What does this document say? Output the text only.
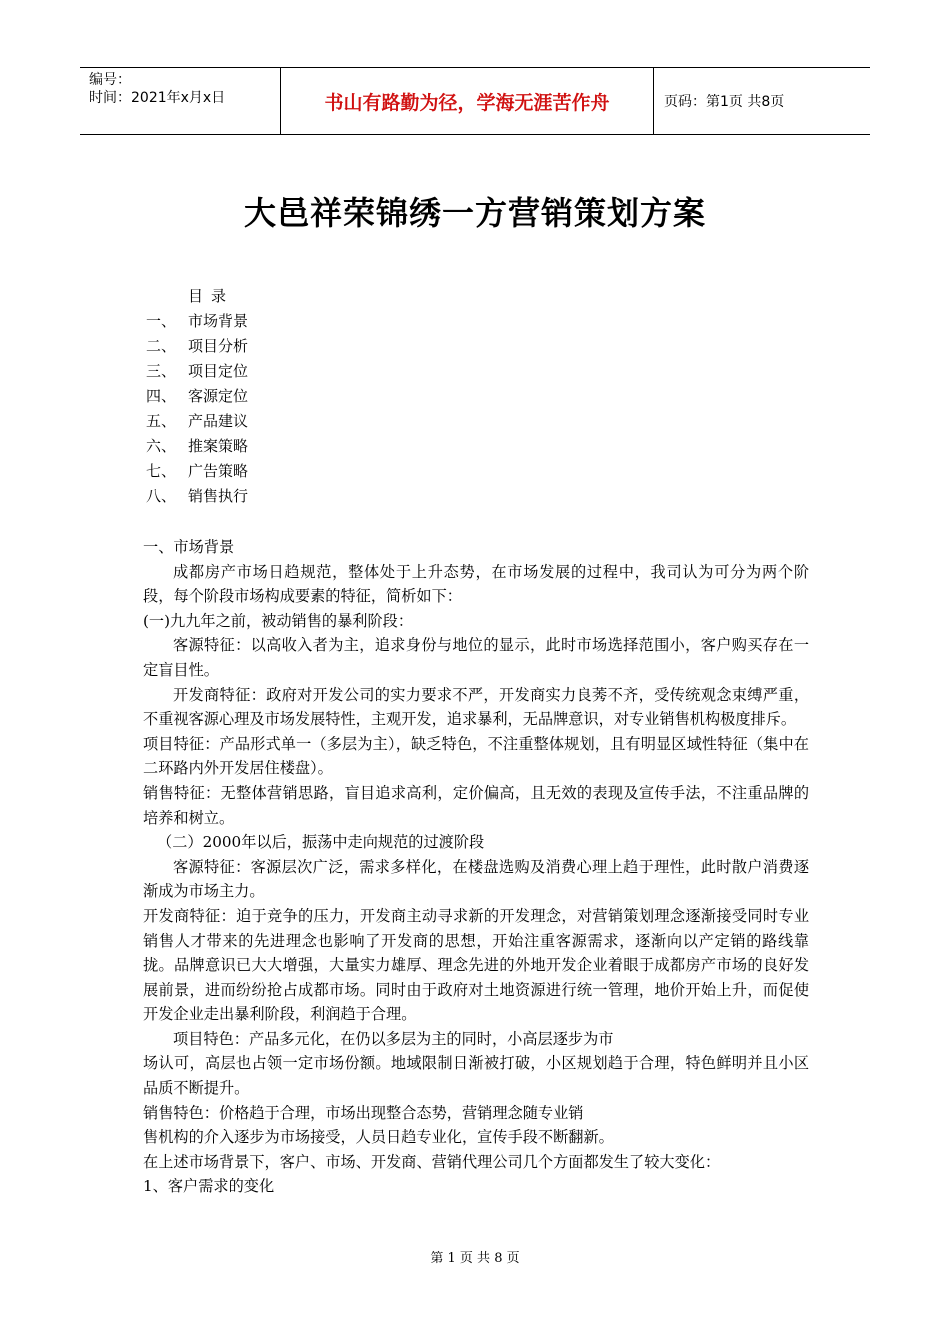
编号：
时间：2021年x月x日	书山有路勤为径，学海无涯苦作舟	页码：第1页 共8页
大邑祥荣锦绣一方营销策划方案
目录
一、 市场背景
二、 项目分析
三、 项目定位
四、 客源定位
五、 产品建议
六、 推案策略
七、 广告策略
八、 销售执行

一、市场背景

成都房产市场日趋规范，整体处于上升态势，在市场发展的过程中，我司认为可分为两个阶段，每个阶段市场构成要素的特征，简析如下：

(一)九九年之前，被动销售的暴利阶段：

客源特征：以高收入者为主，追求身份与地位的显示，此时市场选择范围小，客户购买存在一定盲目性。

开发商特征：政府对开发公司的实力要求不严，开发商实力良莠不齐，受传统观念束缚严重，不重视客源心理及市场发展特性，主观开发，追求暴利，无品牌意识，对专业销售机构极度排斥。

项目特征：产品形式单一（多层为主），缺乏特色，不注重整体规划，且有明显区域性特征（集中在二环路内外开发居住楼盘）。

销售特征：无整体营销思路，盲目追求高利，定价偏高，且无效的表现及宣传手法，不注重品牌的培养和树立。

（二）2000年以后，振荡中走向规范的过渡阶段

客源特征：客源层次广泛，需求多样化，在楼盘选购及消费心理上趋于理性，此时散户消费逐渐成为市场主力。

开发商特征：迫于竞争的压力，开发商主动寻求新的开发理念，对营销策划理念逐渐接受同时专业销售人才带来的先进理念也影响了开发商的思想，开始注重客源需求，逐渐向以产定销的路线靠拢。品牌意识已大大增强，大量实力雄厚、理念先进的外地开发企业着眼于成都房产市场的良好发展前景，进而纷纷抢占成都市场。同时由于政府对土地资源进行统一管理，地价开始上升，而促使开发企业走出暴利阶段，利润趋于合理。

项目特色：产品多元化，在仍以多层为主的同时，小高层逐步为市

场认可，高层也占领一定市场份额。地域限制日渐被打破，小区规划趋于合理，特色鲜明并且小区品质不断提升。

销售特色：价格趋于合理，市场出现整合态势，营销理念随专业销

售机构的介入逐步为市场接受，人员日趋专业化，宣传手段不断翻新。

在上述市场背景下，客户、市场、开发商、营销代理公司几个方面都发生了较大变化：

1、客户需求的变化

第 1 页 共 8 页
